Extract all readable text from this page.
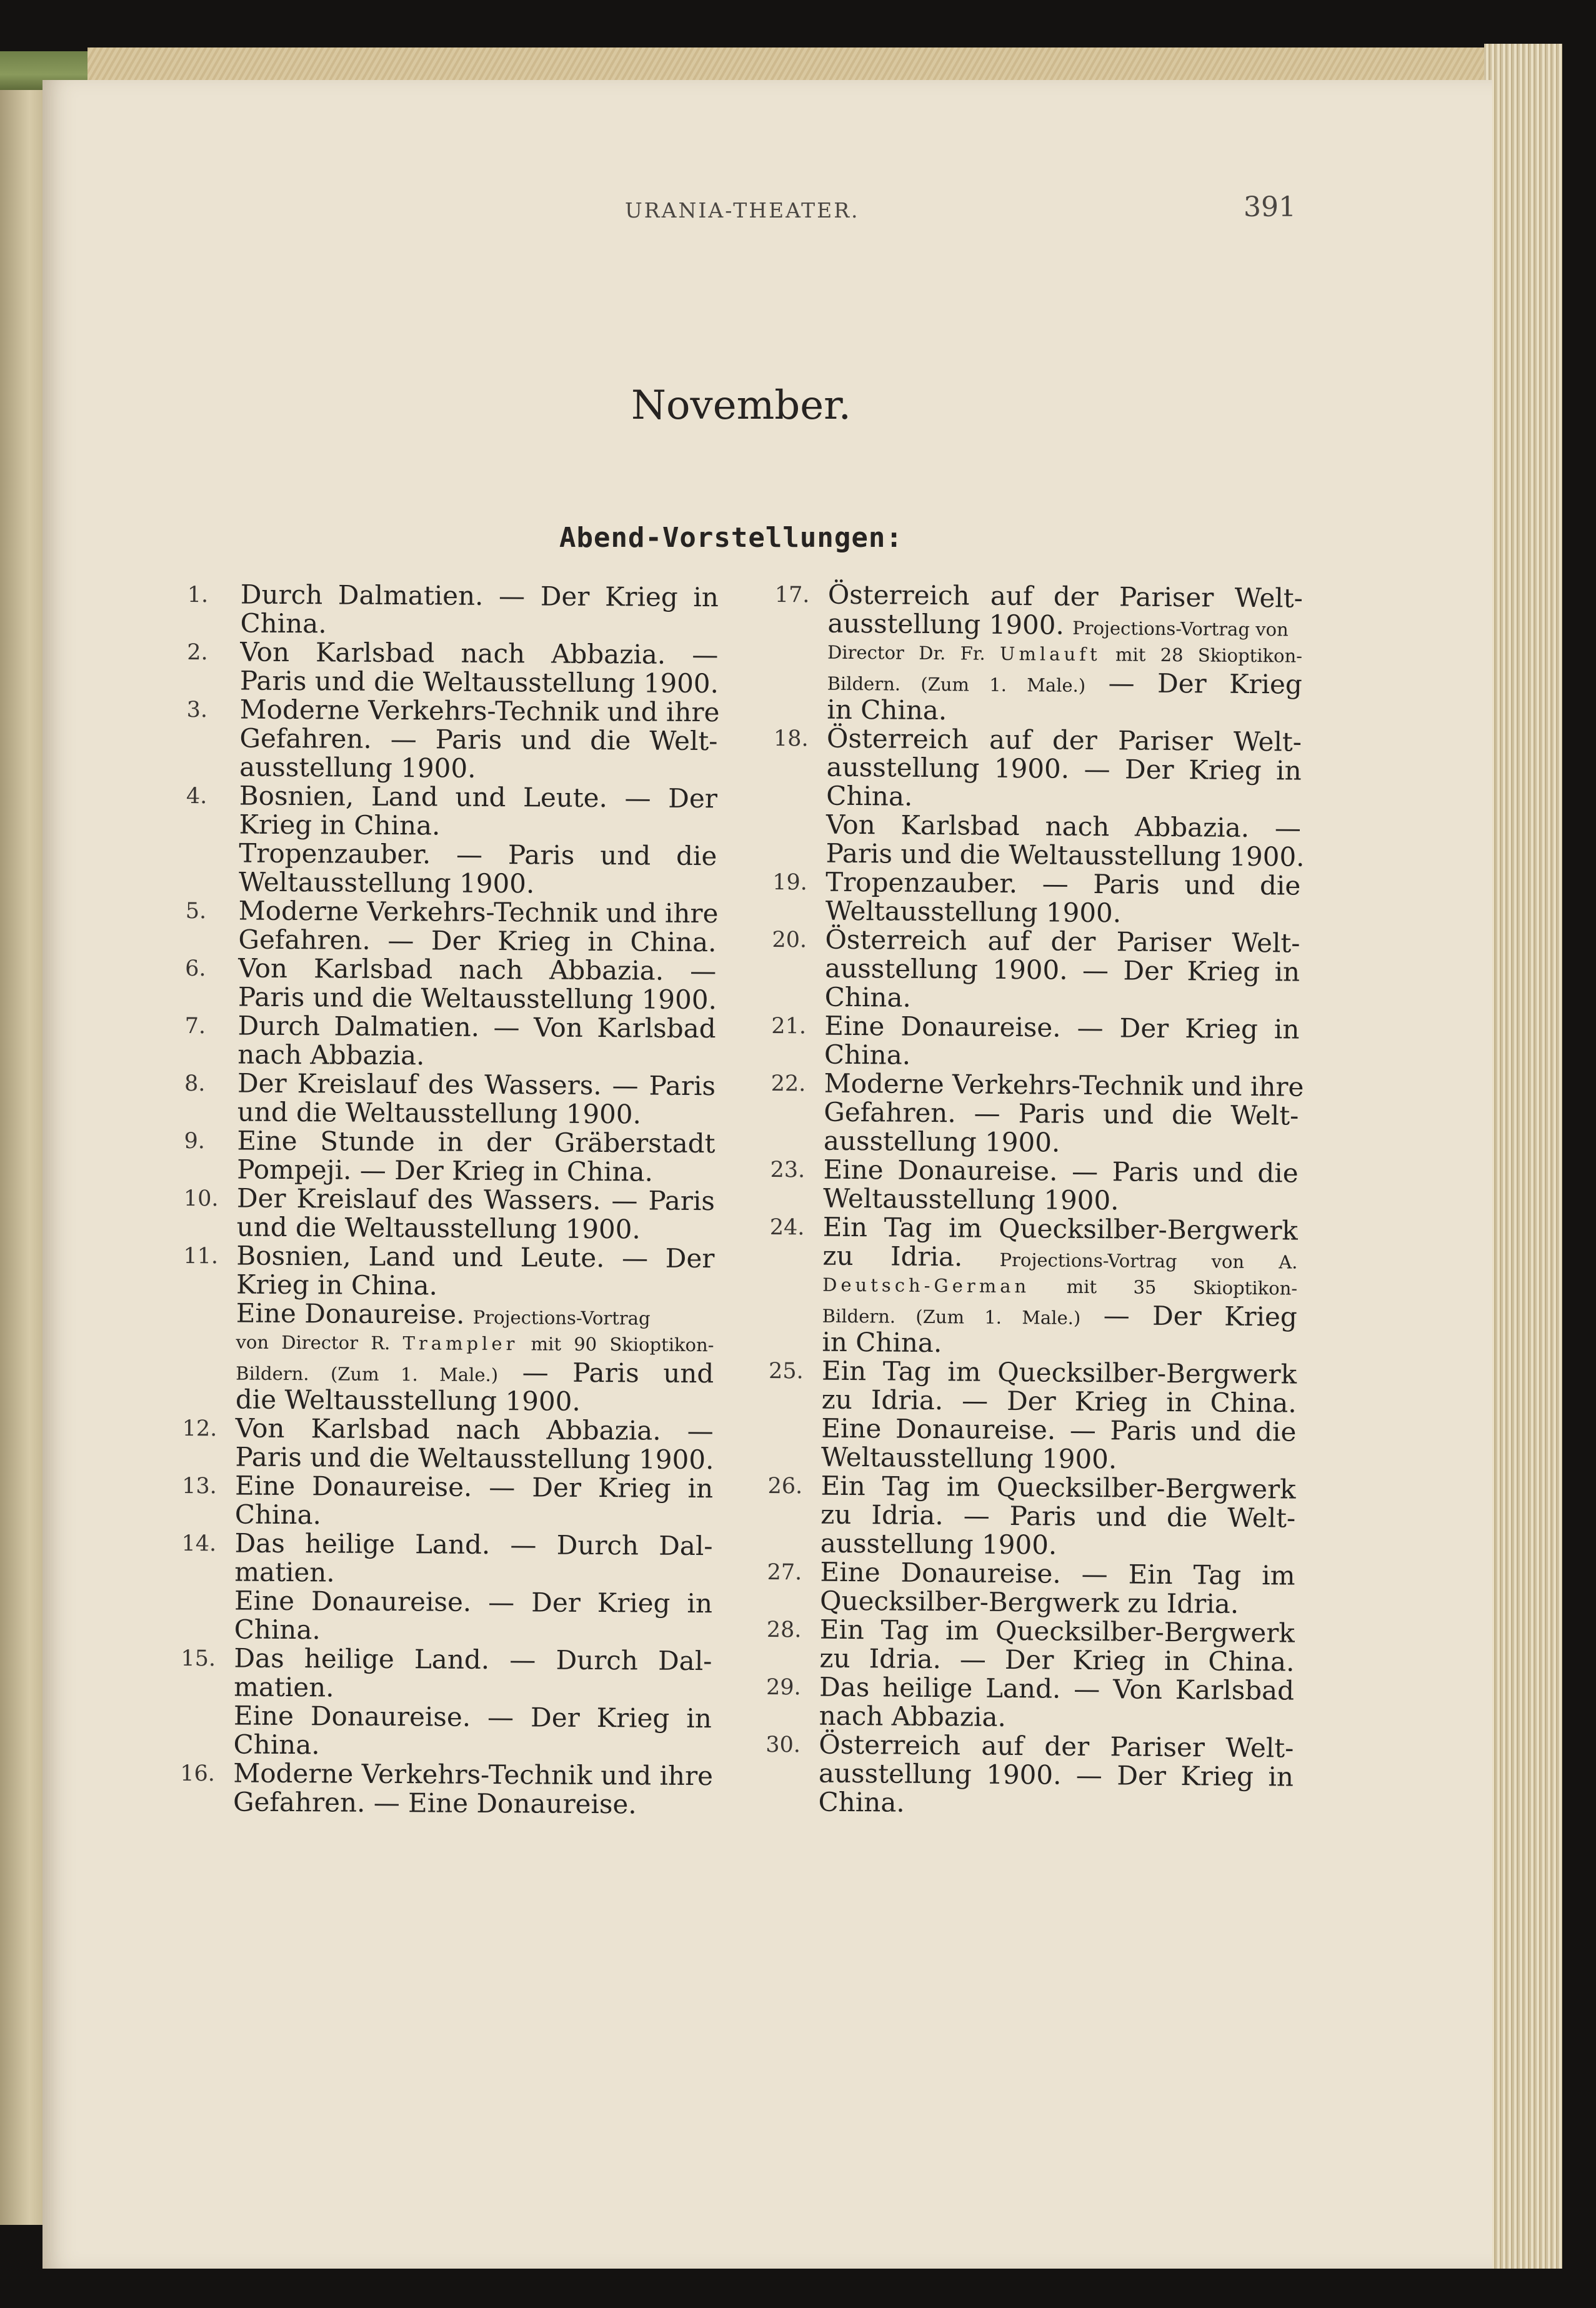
URANIA-THEATER.	391
November.
Abend-Vorstellungen:
1.	Durch Dalmatien. — Der Krieg in
China.
2.	Von Karlsbad nach Abbazia. —
Paris und die Weltausstellung 1900.
3.	Moderne Verkehrs-Technik und ihre
Gefahren. — Paris und die Welt-
ausstellung 1900.
4.	Bosnien, Land und Leute. — Der
Krieg in China.
Tropenzauber. — Paris und die
Weltausstellung 1900.
5.	Moderne Verkehrs-Technik und ihre
Gefahren. — Der Krieg in China.
6.	Von Karlsbad nach Abbazia. —
Paris und die Weltausstellung 1900.
7.	Durch Dalmatien. — Von Karlsbad
nach Abbazia.
8.	Der Kreislauf des Wassers. — Paris
und die Weltausstellung 1900.
9.	Eine Stunde in der Gräberstadt
Pompeji. — Der Krieg in China.
10. Der Kreislauf des Wassers. — Paris
und die Weltausstellung 1900.
11. Bosnien, Land und Leute. — Der
Krieg in China.
Eine Donaureise. Projections-Vortrag
von Director R. Trampler mit 90 Skioptikon-
Bildern. (Zum 1. Male.) — Paris und
die Weltausstellung 1900.
12. Von Karlsbad nach Abbazia. —
Paris und die Weltausstellung 1900.
13. Eine Donaureise. — Der Krieg in
China.
14. Das heilige Land. — Durch Dal-
matien.
Eine Donaureise. — Der Krieg in
China.
15. Das heilige Land. — Durch Dal-
matien.
Eine Donaureise. — Der Krieg in
China.
16. Moderne Verkehrs-Technik und ihre
Gefahren. — Eine Donaureise.
17. Österreich auf der Pariser Welt-
ausstellung 1900. Projections-Vortrag von
Director Dr. Fr. Umlauft mit 28 Skioptikon-
Bildern. (Zum 1. Male.) — Der Krieg
in China.
18. Österreich auf der Pariser Welt-
ausstellung 1900. — Der Krieg in
China.
Von Karlsbad nach Abbazia. —
Paris und die Weltausstellung 1900.
19. Tropenzauber. — Paris und die
Weltausstellung 1900.
20. Österreich auf der Pariser Welt-
ausstellung 1900. — Der Krieg in
China.
21. Eine Donaureise. — Der Krieg in
China.
22. Moderne Verkehrs-Technik und ihre
Gefahren. — Paris und die Welt-
ausstellung 1900.
23. Eine Donaureise. — Paris und die
Weltausstellung 1900.
24. Ein Tag im Quecksilber-Bergwerk
zu Idria. Projections-Vortrag von A.
Deutsch-German mit 35 Skioptikon-
Bildern. (Zum 1. Male.) — Der Krieg
in China.
25. Ein Tag im Quecksilber-Bergwerk
zu Idria. — Der Krieg in China.
Eine Donaureise. — Paris und die
Weltausstellung 1900.
26. Ein Tag im Quecksilber-Bergwerk
zu Idria. — Paris und die Welt-
ausstellung 1900.
27. Eine Donaureise. — Ein Tag im
Quecksilber-Bergwerk zu Idria.
28. Ein Tag im Quecksilber-Bergwerk
zu Idria. — Der Krieg in China.
29. Das heilige Land. — Von Karlsbad
nach Abbazia.
30. Österreich auf der Pariser Welt-
ausstellung 1900. — Der Krieg in
China.
